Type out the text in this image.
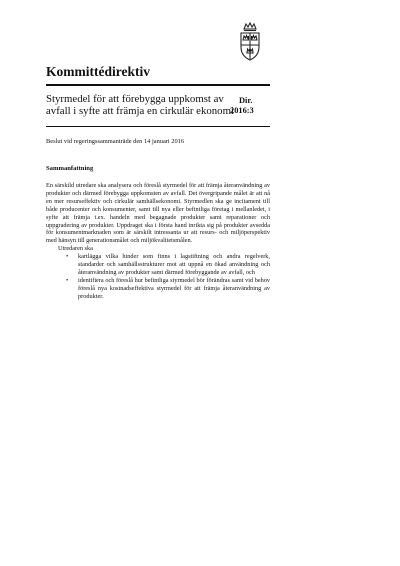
Kommittédirektiv
Styrmedel för att förebygga uppkomst av avfall i syfte att främja en cirkulär ekonomi
Dir.
2016:3
Beslut vid regeringssammanträde den 14 januari 2016
Sammanfattning

En särskild utredare ska analysera och föreslå styrmedel för att främja återanvändning av produkter och därmed förebygga uppkomsten av avfall. Det övergripande målet är att nå en mer resurseffektiv och cirkulär samhällsekonomi. Styrmedlen ska ge incitament till både producenter och konsumenter, samt till nya eller befintliga företag i mellanledet, i syfte att främja t.ex. handeln med begagnade produkter samt reparationer och uppgradering av produkter. Uppdraget ska i första hand inrikta sig på produkter avsedda för konsumentmarknaden som är särskilt intressanta ur att resurs- och miljöperspektiv med hänsyn till generationsmålet och miljökvalitetsmålen.

Utredaren ska

• kartlägga vilka hinder som finns i lagstiftning och andra regelverk, standarder och samhällsstrukturer mot att uppnå en ökad användning och återanvändning av produkter samt därmed förebyggande av avfall, och
• identifiera och föreslå hur befintliga styrmedel bör förändras samt vid behov föreslå nya kostnadseffektiva styrmedel för att främja återanvändning av produkter.
